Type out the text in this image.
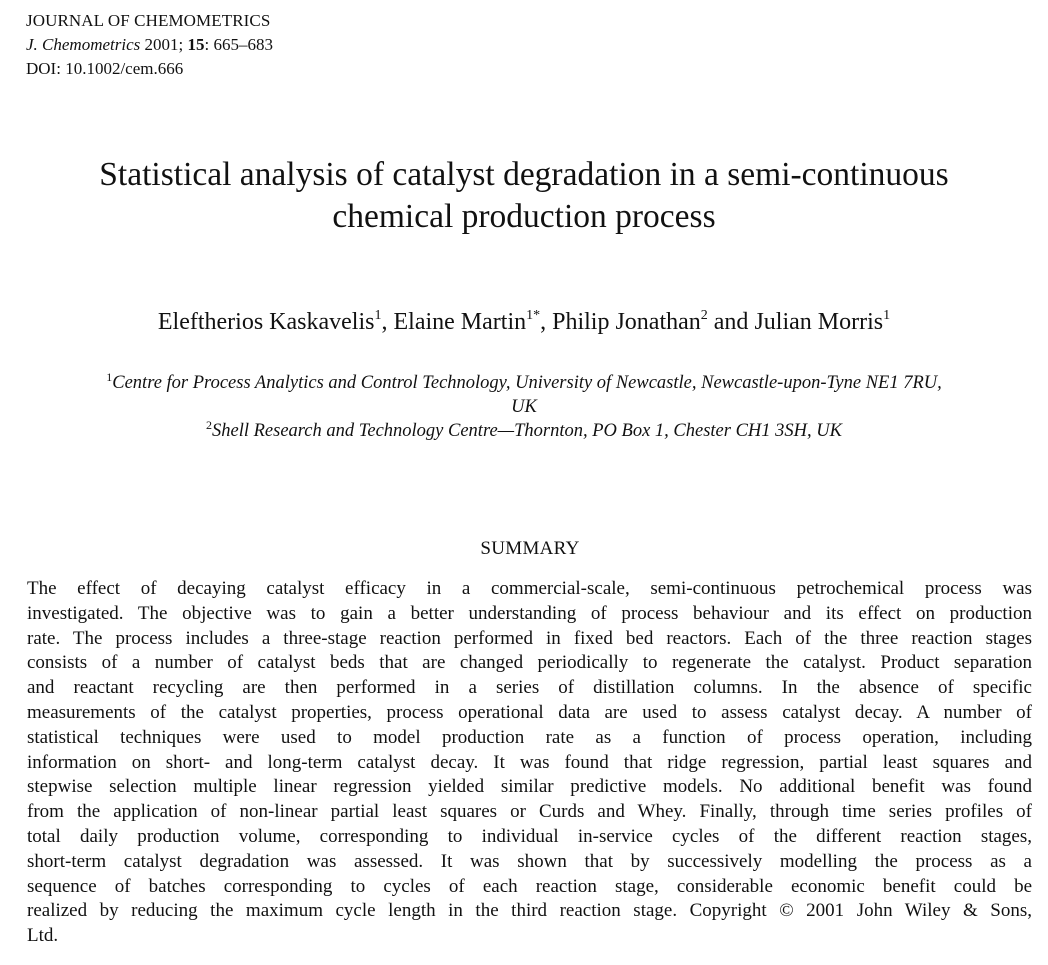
JOURNAL OF CHEMOMETRICS
J. Chemometrics 2001; 15: 665–683
DOI: 10.1002/cem.666
Statistical analysis of catalyst degradation in a semi-continuous
chemical production process
Eleftherios Kaskavelis$^1$, Elaine Martin$^{1*}$, Philip Jonathan$^2$ and Julian Morris$^1$
$^1$Centre for Process Analytics and Control Technology, University of Newcastle, Newcastle-upon-Tyne NE1 7RU,
UK
$^2$Shell Research and Technology Centre—Thornton, PO Box 1, Chester CH1 3SH, UK
SUMMARY
The effect of decaying catalyst efficacy in a commercial-scale, semi-continuous petrochemical process was
investigated. The objective was to gain a better understanding of process behaviour and its effect on production
rate. The process includes a three-stage reaction performed in fixed bed reactors. Each of the three reaction stages
consists of a number of catalyst beds that are changed periodically to regenerate the catalyst. Product separation
and reactant recycling are then performed in a series of distillation columns. In the absence of specific
measurements of the catalyst properties, process operational data are used to assess catalyst decay. A number of
statistical techniques were used to model production rate as a function of process operation, including
information on short- and long-term catalyst decay. It was found that ridge regression, partial least squares and
stepwise selection multiple linear regression yielded similar predictive models. No additional benefit was found
from the application of non-linear partial least squares or Curds and Whey. Finally, through time series profiles of
total daily production volume, corresponding to individual in-service cycles of the different reaction stages,
short-term catalyst degradation was assessed. It was shown that by successively modelling the process as a
sequence of batches corresponding to cycles of each reaction stage, considerable economic benefit could be
realized by reducing the maximum cycle length in the third reaction stage. Copyright © 2001 John Wiley & Sons,
Ltd.
